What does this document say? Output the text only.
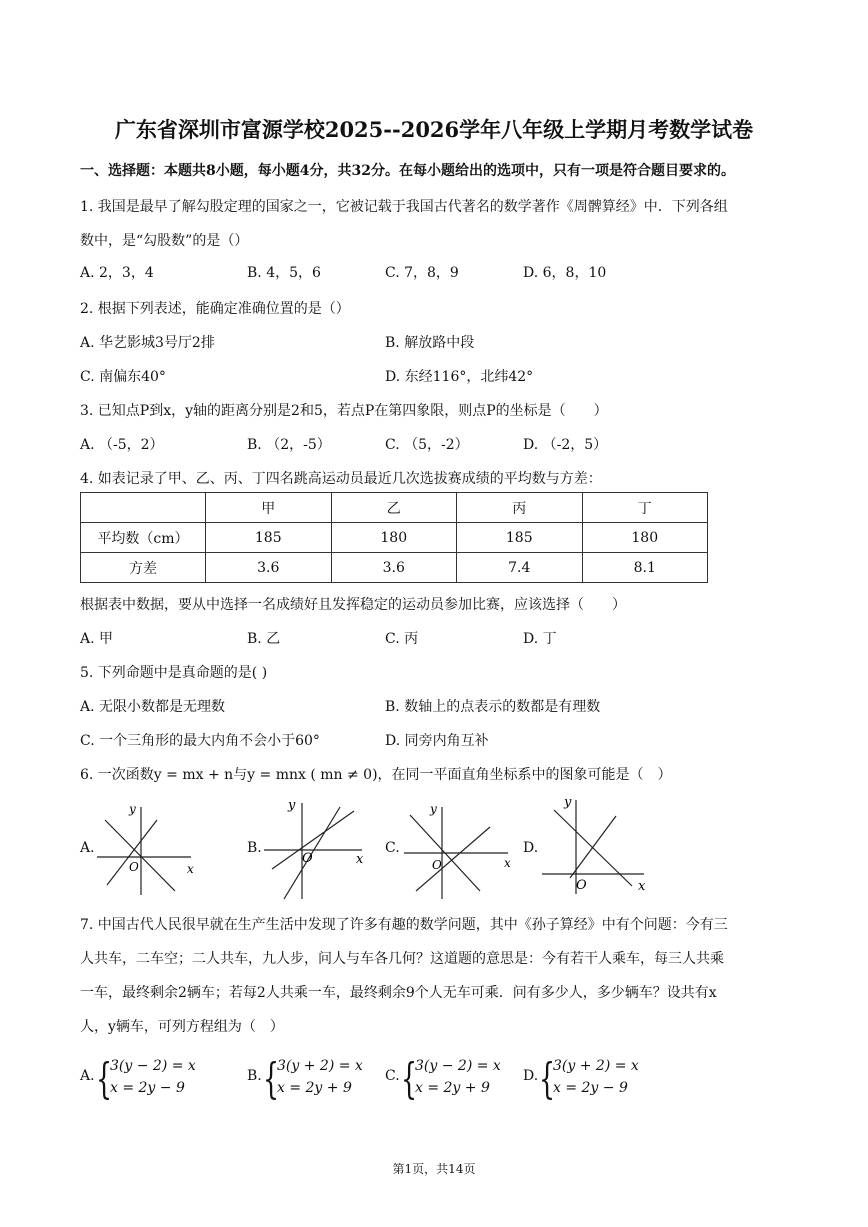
广东省深圳市富源学校2025--2026学年八年级上学期月考数学试卷
一、选择题：本题共8小题，每小题4分，共32分。在每小题给出的选项中，只有一项是符合题目要求的。
1. 我国是最早了解勾股定理的国家之一，它被记载于我国古代著名的数学著作《周髀算经》中．下列各组
数中，是“勾股数”的是（）
A. 2，3，4	B. 4，5，6	C. 7，8，9	D. 6，8，10
2. 根据下列表述，能确定准确位置的是（）
A. 华艺影城3号厅2排	B. 解放路中段
C. 南偏东40°	D. 东经116°，北纬42°
3. 已知点P到x，y轴的距离分别是2和5，若点P在第四象限，则点P的坐标是（　　）
A. （-5，2）	B. （2，-5）	C. （5，-2）	D. （-2，5）
4. 如表记录了甲、乙、丙、丁四名跳高运动员最近几次选拔赛成绩的平均数与方差：
	甲	乙	丙	丁
平均数（cm）	185	180	185	180
方差	3.6	3.6	7.4	8.1
根据表中数据，要从中选择一名成绩好且发挥稳定的运动员参加比赛，应该选择（　　）
A. 甲	B. 乙	C. 丙	D. 丁
5. 下列命题中是真命题的是( )
A. 无限小数都是无理数	B. 数轴上的点表示的数都是有理数
C. 一个三角形的最大内角不会小于60°	D. 同旁内角互补
6. 一次函数y = mx + n与y = mnx ( mn ≠ 0)，在同一平面直角坐标系中的图象可能是（　）
A.
y
x
O
B.
y
x
O
C.
y
x
O
D.
y
x
O
7. 中国古代人民很早就在生产生活中发现了许多有趣的数学问题，其中《孙子算经》中有个问题：今有三
人共车，二车空；二人共车，九人步，问人与车各几何？这道题的意思是：今有若干人乘车，每三人共乘
一车，最终剩余2辆车；若每2人共乘一车，最终剩余9个人无车可乘．问有多少人，多少辆车？设共有x
人，y辆车，可列方程组为（　）
A. {
3(y − 2) = x
x = 2y − 9
B. {
3(y + 2) = x
x = 2y + 9
C. {
3(y − 2) = x
x = 2y + 9
D. {
3(y + 2) = x
x = 2y − 9
第1页，共14页
